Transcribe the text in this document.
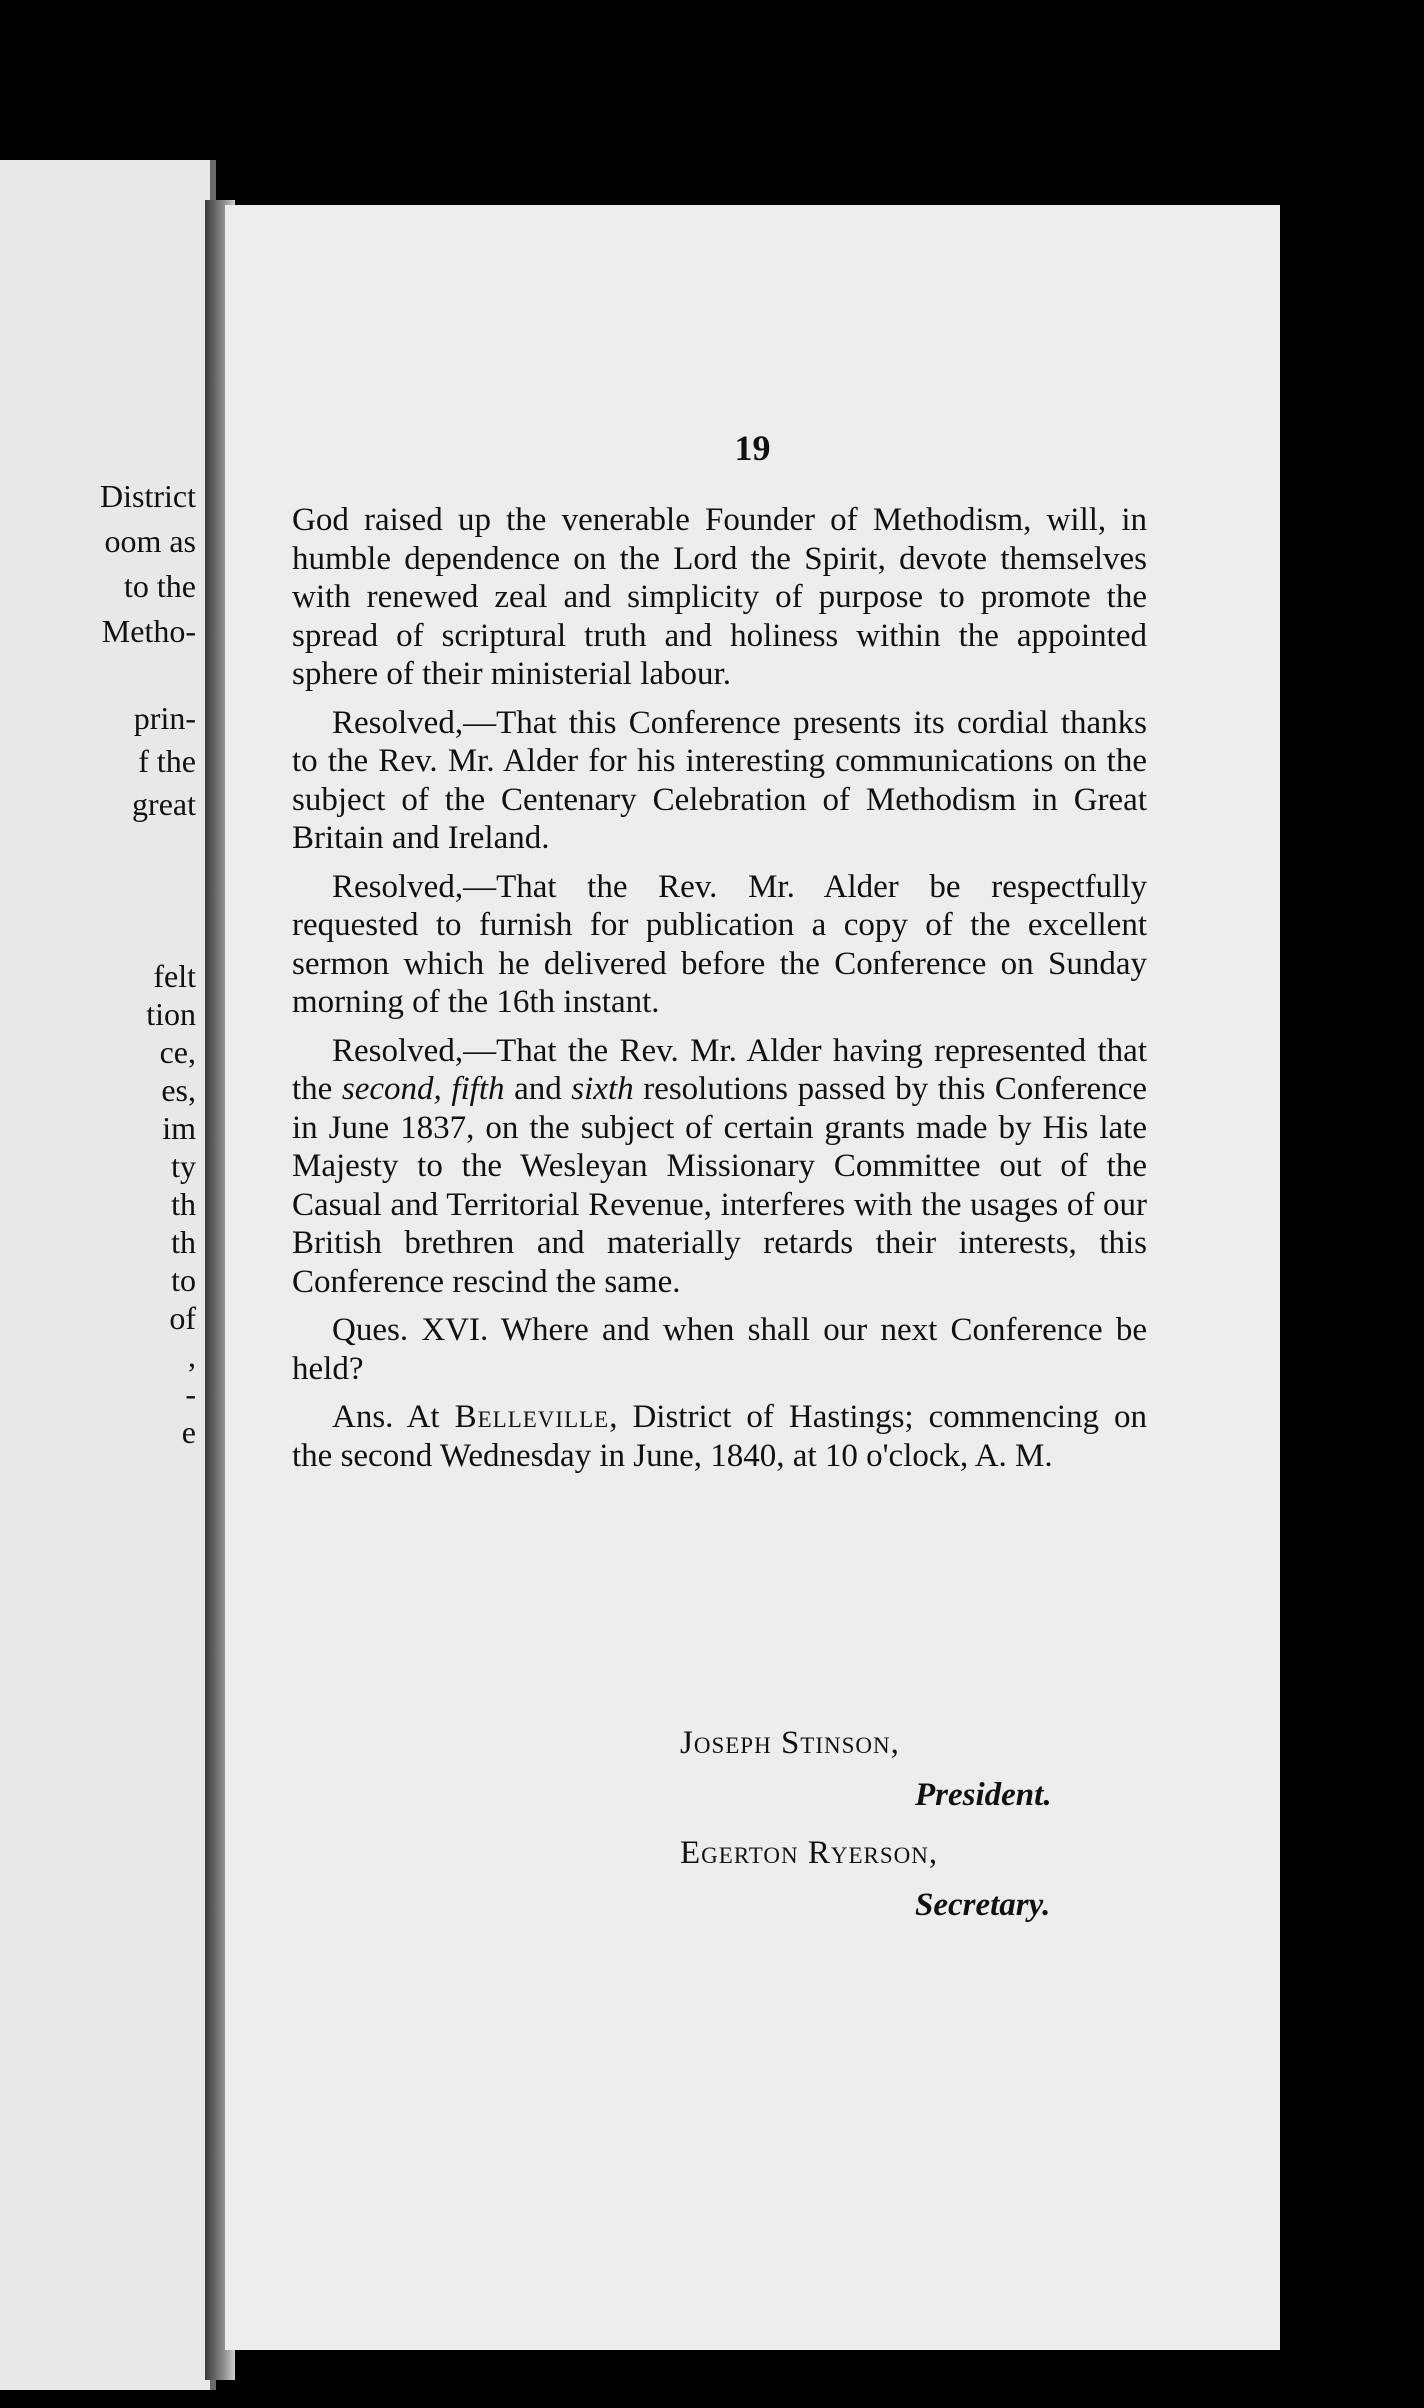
District
oom as
to the
Metho-
prin-
f the
great
felt
tion
ce,
es,
im
ty
th
th
to
of
,
-
e
19

God raised up the venerable Founder of Methodism, will, in humble dependence on the Lord the Spirit, devote themselves with renewed zeal and simplicity of purpose to promote the spread of scriptural truth and holiness within the appointed sphere of their ministerial labour.

Resolved,—That this Conference presents its cordial thanks to the Rev. Mr. Alder for his interesting communications on the subject of the Centenary Celebration of Methodism in Great Britain and Ireland.

Resolved,—That the Rev. Mr. Alder be respectfully requested to furnish for publication a copy of the excellent sermon which he delivered before the Conference on Sunday morning of the 16th instant.

Resolved,—That the Rev. Mr. Alder having represented that the second, fifth and sixth resolutions passed by this Conference in June 1837, on the subject of certain grants made by His late Majesty to the Wesleyan Missionary Committee out of the Casual and Territorial Revenue, interferes with the usages of our British brethren and materially retards their interests, this Conference rescind the same.

Ques. XVI. Where and when shall our next Conference be held?

Ans. At Belleville, District of Hastings; commencing on the second Wednesday in June, 1840, at 10 o'clock, A. M.

Joseph Stinson,
President.
Egerton Ryerson,
Secretary.
